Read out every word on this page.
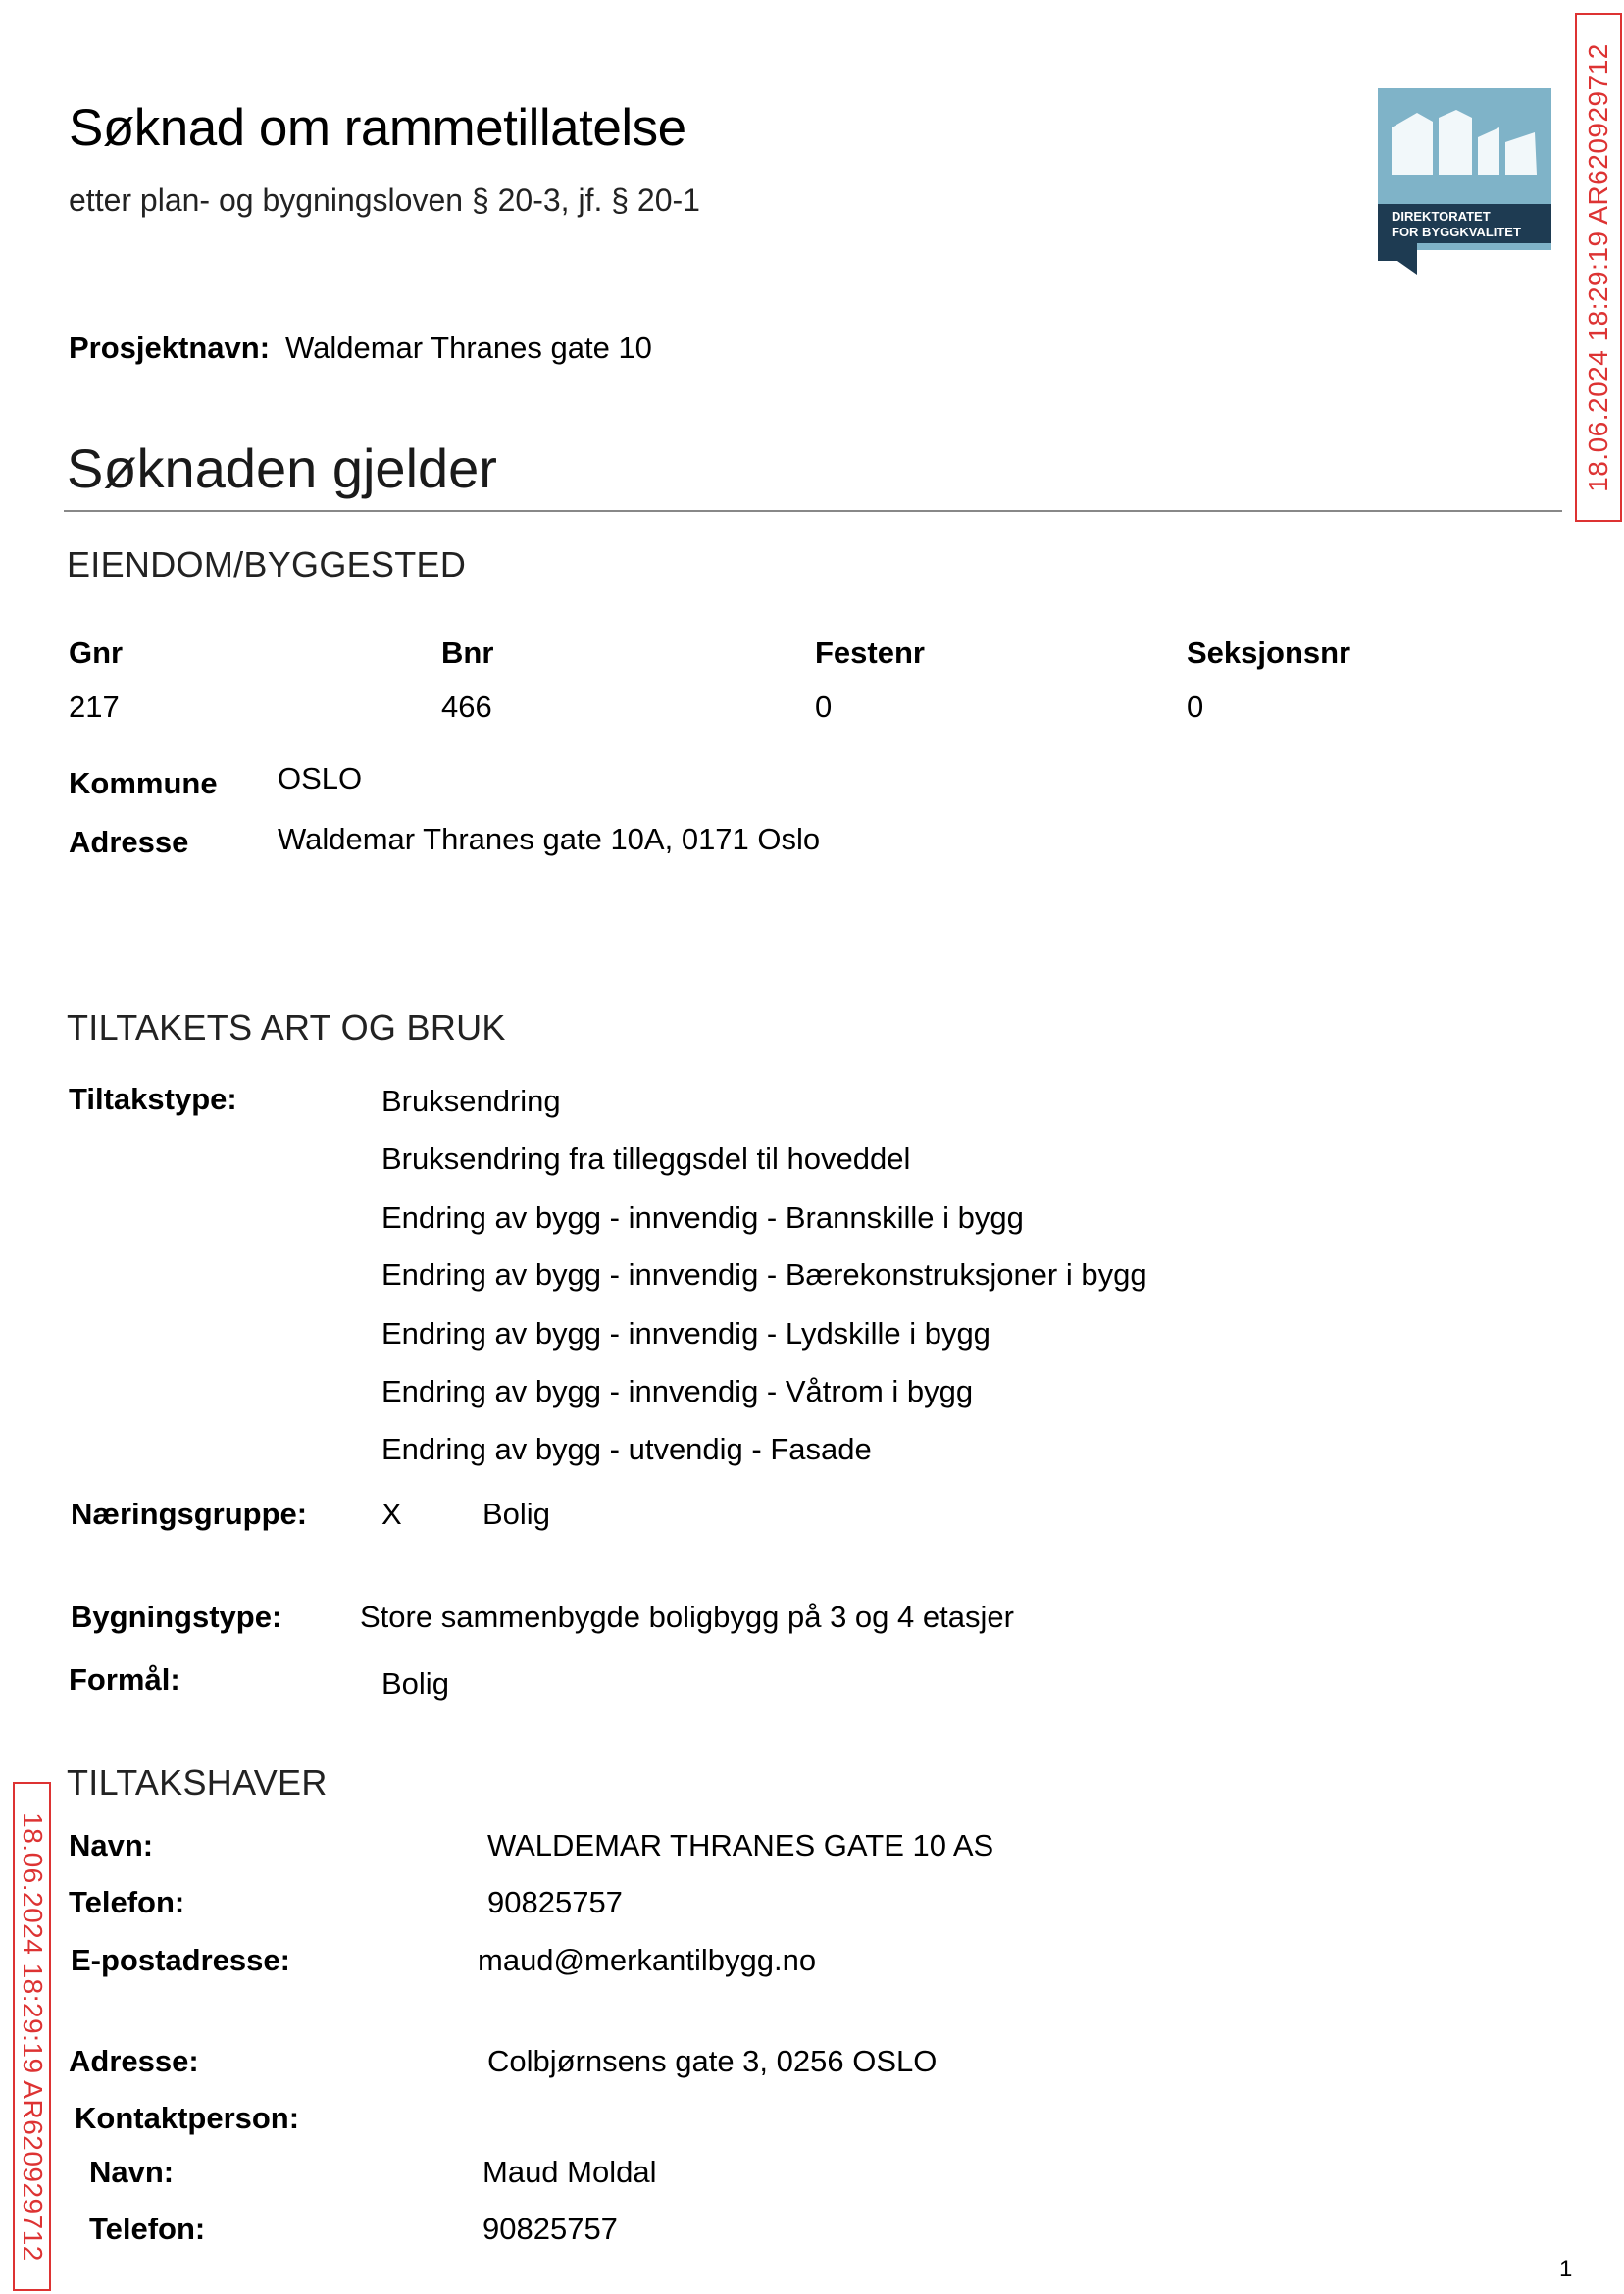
Søknad om rammetillatelse
etter plan- og bygningsloven § 20-3, jf. § 20-1	DIREKTORATET
FOR BYGGKVALITET 18.06.2024 18:29:19 AR620929712
18.06.2024 18:29:19 AR620929712
Prosjektnavn: Waldemar Thranes gate 10
Søknaden gjelder
EIENDOM/BYGGESTED
Gnr	Bnr	Festenr	Seksjonsnr
217	466	0	0
Kommune OSLO
Adresse	Waldemar Thranes gate 10A, 0171 Oslo
TILTAKETS ART OG BRUK
Tiltakstype:	Bruksendring
Bruksendring fra tilleggsdel til hoveddel
Endring av bygg - innvendig - Brannskille i bygg
Endring av bygg - innvendig - Bærekonstruksjoner i bygg
Endring av bygg - innvendig - Lydskille i bygg
Endring av bygg - innvendig - Våtrom i bygg
Endring av bygg - utvendig - Fasade
Næringsgruppe: X	Bolig
Bygningstype:	Store sammenbygde boligbygg på 3 og 4 etasjer
Formål:	Bolig
TILTAKSHAVER
Navn:	WALDEMAR THRANES GATE 10 AS
Telefon:	90825757
E-postadresse:	maud@merkantilbygg.no
Adresse:	Colbjørnsens gate 3, 0256 OSLO
Kontaktperson:
Navn:	Maud Moldal
Telefon:	90825757
1
